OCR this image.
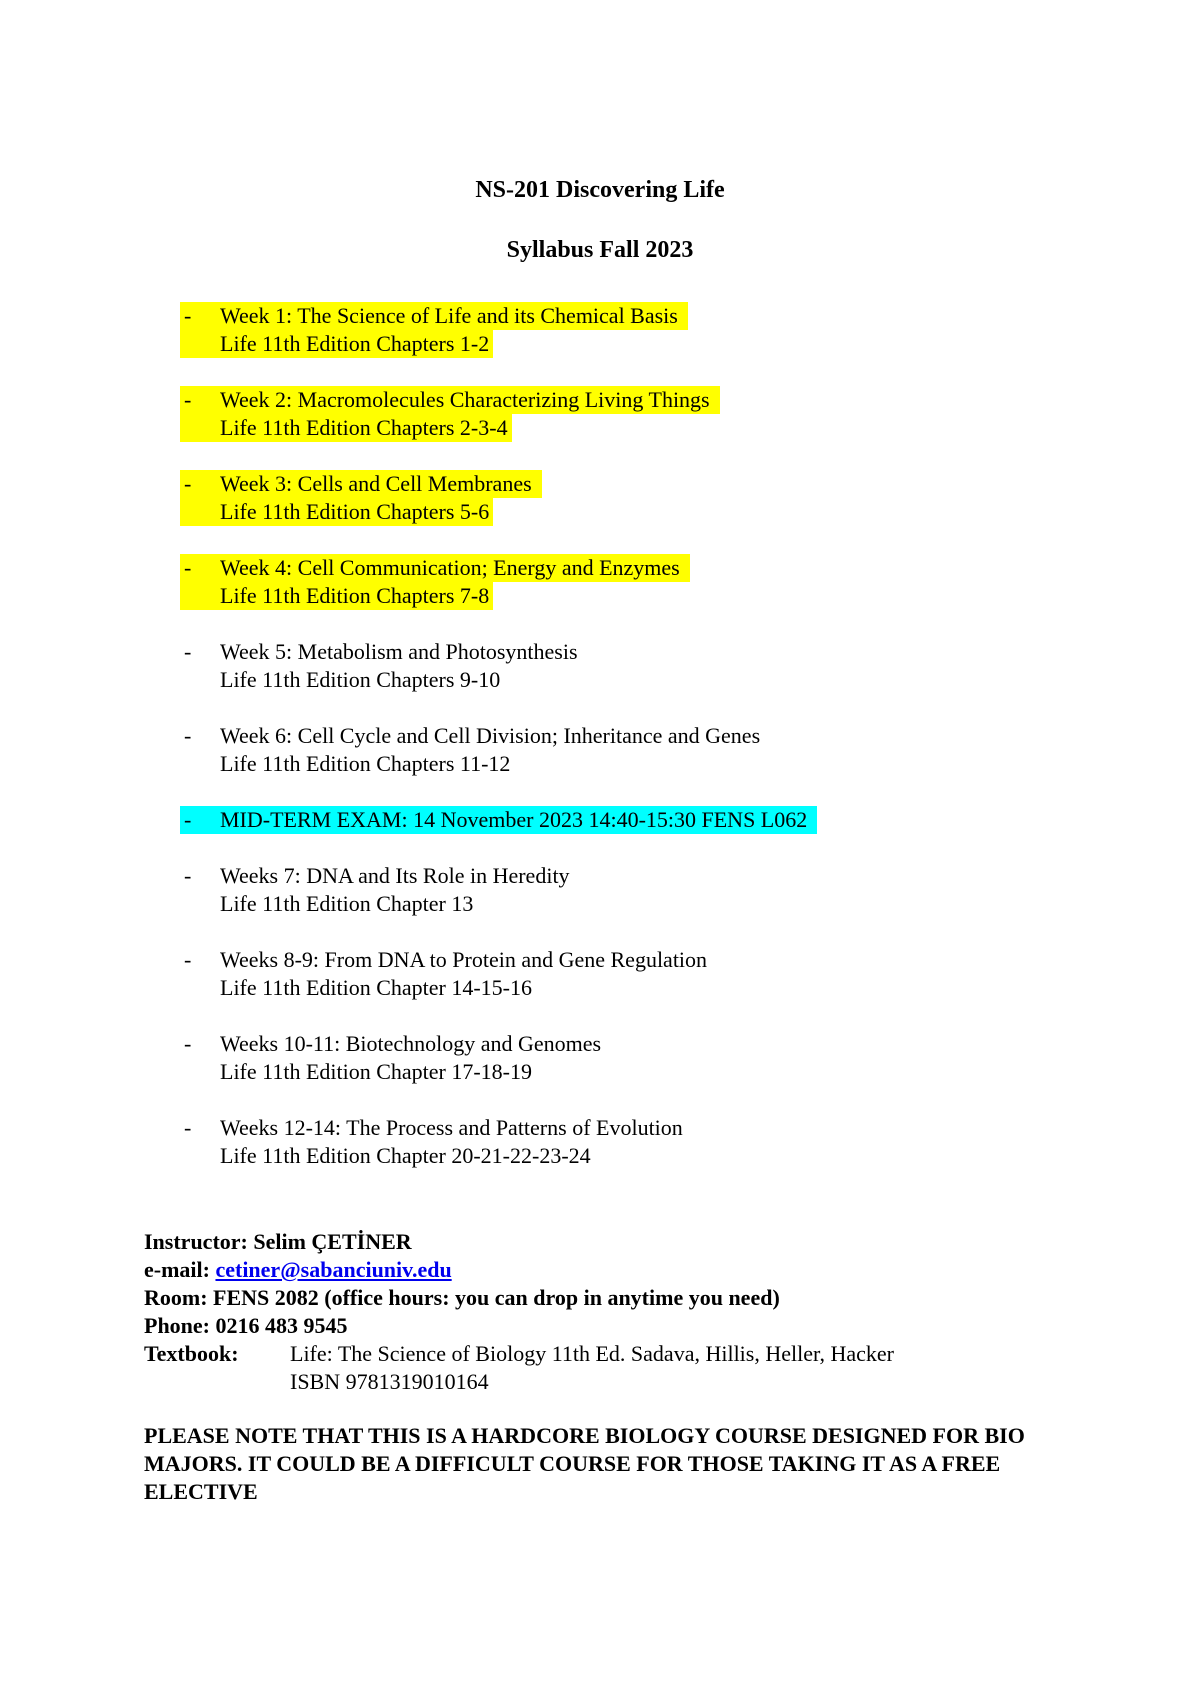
NS-201 Discovering Life
Syllabus Fall 2023
- Week 1: The Science of Life and its Chemical Basis
Life 11th Edition Chapters 1-2
- Week 2: Macromolecules Characterizing Living Things
Life 11th Edition Chapters 2-3-4
- Week 3: Cells and Cell Membranes
Life 11th Edition Chapters 5-6
- Week 4: Cell Communication; Energy and Enzymes
Life 11th Edition Chapters 7-8
- Week 5: Metabolism and Photosynthesis
Life 11th Edition Chapters 9-10
- Week 6: Cell Cycle and Cell Division; Inheritance and Genes
Life 11th Edition Chapters 11-12
- MID-TERM EXAM: 14 November 2023 14:40-15:30 FENS L062
- Weeks 7: DNA and Its Role in Heredity
Life 11th Edition Chapter 13
- Weeks 8-9: From DNA to Protein and Gene Regulation
Life 11th Edition Chapter 14-15-16
- Weeks 10-11: Biotechnology and Genomes
Life 11th Edition Chapter 17-18-19
- Weeks 12-14: The Process and Patterns of Evolution
Life 11th Edition Chapter 20-21-22-23-24
Instructor: Selim ÇETİNER
e-mail: cetiner@sabanciuniv.edu
Room: FENS 2082 (office hours: you can drop in anytime you need)
Phone: 0216 483 9545
Textbook: Life: The Science of Biology 11th Ed. Sadava, Hillis, Heller, Hacker
ISBN 9781319010164
PLEASE NOTE THAT THIS IS A HARDCORE BIOLOGY COURSE DESIGNED FOR BIO MAJORS. IT COULD BE A DIFFICULT COURSE FOR THOSE TAKING IT AS A FREE ELECTIVE
